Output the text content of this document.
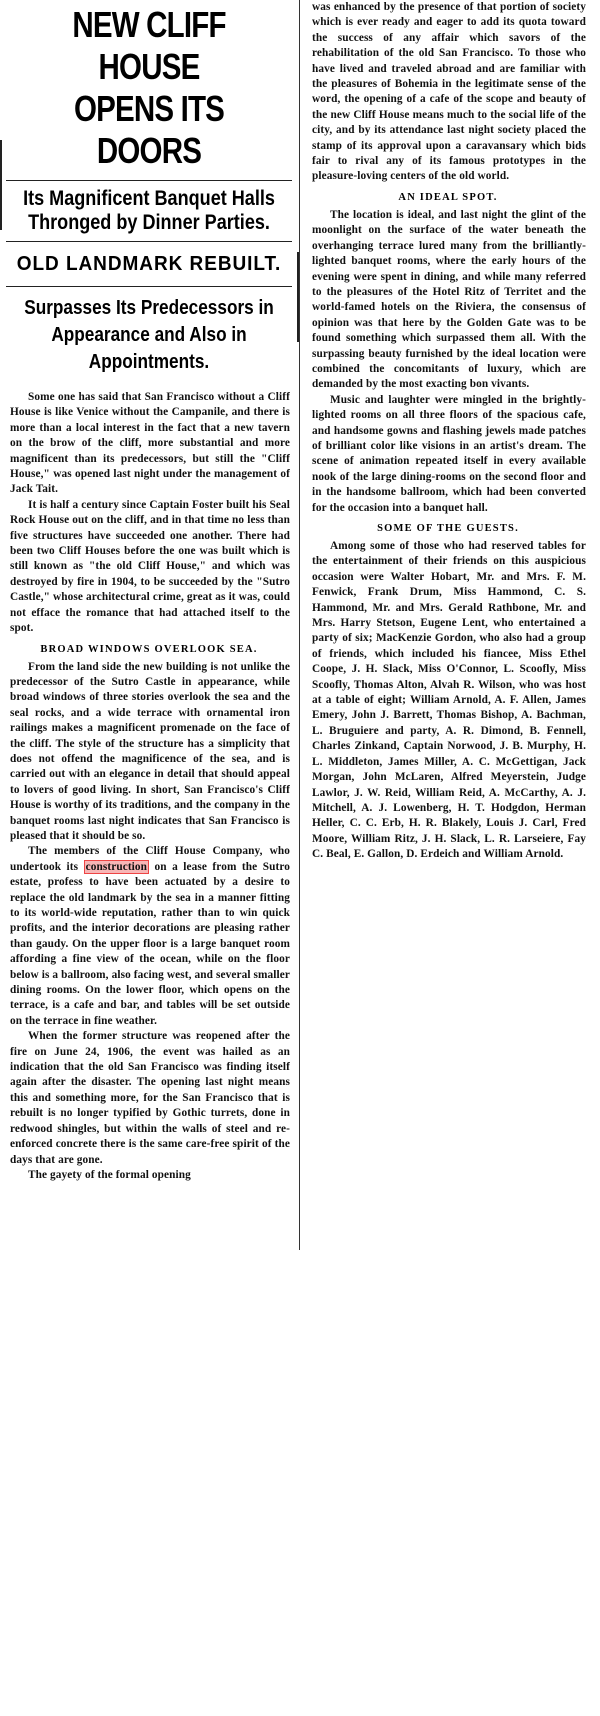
NEW CLIFF HOUSE
OPENS ITS DOORS
Its Magnificent Banquet Halls Thronged by Dinner Parties.
OLD LANDMARK REBUILT.
Surpasses Its Predecessors in Appearance and Also in Appointments.

Some one has said that San Francisco without a Cliff House is like Venice without the Campanile, and there is more than a local interest in the fact that a new tavern on the brow of the cliff, more substantial and more magnificent than its predecessors, but still the "Cliff House," was opened last night under the management of Jack Tait.

It is half a century since Captain Foster built his Seal Rock House out on the cliff, and in that time no less than five structures have succeeded one another. There had been two Cliff Houses before the one was built which is still known as "the old Cliff House," and which was destroyed by fire in 1904, to be succeeded by the "Sutro Castle," whose architectural crime, great as it was, could not efface the romance that had attached itself to the spot.

BROAD WINDOWS OVERLOOK SEA.

From the land side the new building is not unlike the predecessor of the Sutro Castle in appearance, while broad windows of three stories overlook the sea and the seal rocks, and a wide terrace with ornamental iron railings makes a magnificent promenade on the face of the cliff. The style of the structure has a simplicity that does not offend the magnificence of the sea, and is carried out with an elegance in detail that should appeal to lovers of good living. In short, San Francisco's Cliff House is worthy of its traditions, and the company in the banquet rooms last night indicates that San Francisco is pleased that it should be so.

The members of the Cliff House Company, who undertook its construction on a lease from the Sutro estate, profess to have been actuated by a desire to replace the old landmark by the sea in a manner fitting to its world-wide reputation, rather than to win quick profits, and the interior decorations are pleasing rather than gaudy. On the upper floor is a large banquet room affording a fine view of the ocean, while on the floor below is a ballroom, also facing west, and several smaller dining rooms. On the lower floor, which opens on the terrace, is a cafe and bar, and tables will be set outside on the terrace in fine weather.

When the former structure was reopened after the fire on June 24, 1906, the event was hailed as an indication that the old San Francisco was finding itself again after the disaster. The opening last night means this and something more, for the San Francisco that is rebuilt is no longer typified by Gothic turrets, done in redwood shingles, but within the walls of steel and re-enforced concrete there is the same care-free spirit of the days that are gone.

The gayety of the formal opening

was enhanced by the presence of that portion of society which is ever ready and eager to add its quota toward the success of any affair which savors of the rehabilitation of the old San Francisco. To those who have lived and traveled abroad and are familiar with the pleasures of Bohemia in the legitimate sense of the word, the opening of a cafe of the scope and beauty of the new Cliff House means much to the social life of the city, and by its attendance last night society placed the stamp of its approval upon a caravansary which bids fair to rival any of its famous prototypes in the pleasure-loving centers of the old world.

AN IDEAL SPOT.

The location is ideal, and last night the glint of the moonlight on the surface of the water beneath the overhanging terrace lured many from the brilliantly-lighted banquet rooms, where the early hours of the evening were spent in dining, and while many referred to the pleasures of the Hotel Ritz of Territet and the world-famed hotels on the Riviera, the consensus of opinion was that here by the Golden Gate was to be found something which surpassed them all. With the surpassing beauty furnished by the ideal location were combined the concomitants of luxury, which are demanded by the most exacting bon vivants.

Music and laughter were mingled in the brightly-lighted rooms on all three floors of the spacious cafe, and handsome gowns and flashing jewels made patches of brilliant color like visions in an artist's dream. The scene of animation repeated itself in every available nook of the large dining-rooms on the second floor and in the handsome ballroom, which had been converted for the occasion into a banquet hall.

SOME OF THE GUESTS.

Among some of those who had reserved tables for the entertainment of their friends on this auspicious occasion were Walter Hobart, Mr. and Mrs. F. M. Fenwick, Frank Drum, Miss Hammond, C. S. Hammond, Mr. and Mrs. Gerald Rathbone, Mr. and Mrs. Harry Stetson, Eugene Lent, who entertained a party of six; MacKenzie Gordon, who also had a group of friends, which included his fiancee, Miss Ethel Coope, J. H. Slack, Miss O'Connor, L. Scoofly, Miss Scoofly, Thomas Alton, Alvah R. Wilson, who was host at a table of eight; William Arnold, A. F. Allen, James Emery, John J. Barrett, Thomas Bishop, A. Bachman, L. Bruguiere and party, A. R. Dimond, B. Fennell, Charles Zinkand, Captain Norwood, J. B. Murphy, H. L. Middleton, James Miller, A. C. McGettigan, Jack Morgan, John McLaren, Alfred Meyerstein, Judge Lawlor, J. W. Reid, William Reid, A. McCarthy, A. J. Mitchell, A. J. Lowenberg, H. T. Hodgdon, Herman Heller, C. C. Erb, H. R. Blakely, Louis J. Carl, Fred Moore, William Ritz, J. H. Slack, L. R. Larseiere, Fay C. Beal, E. Gallon, D. Erdeich and William Arnold.
